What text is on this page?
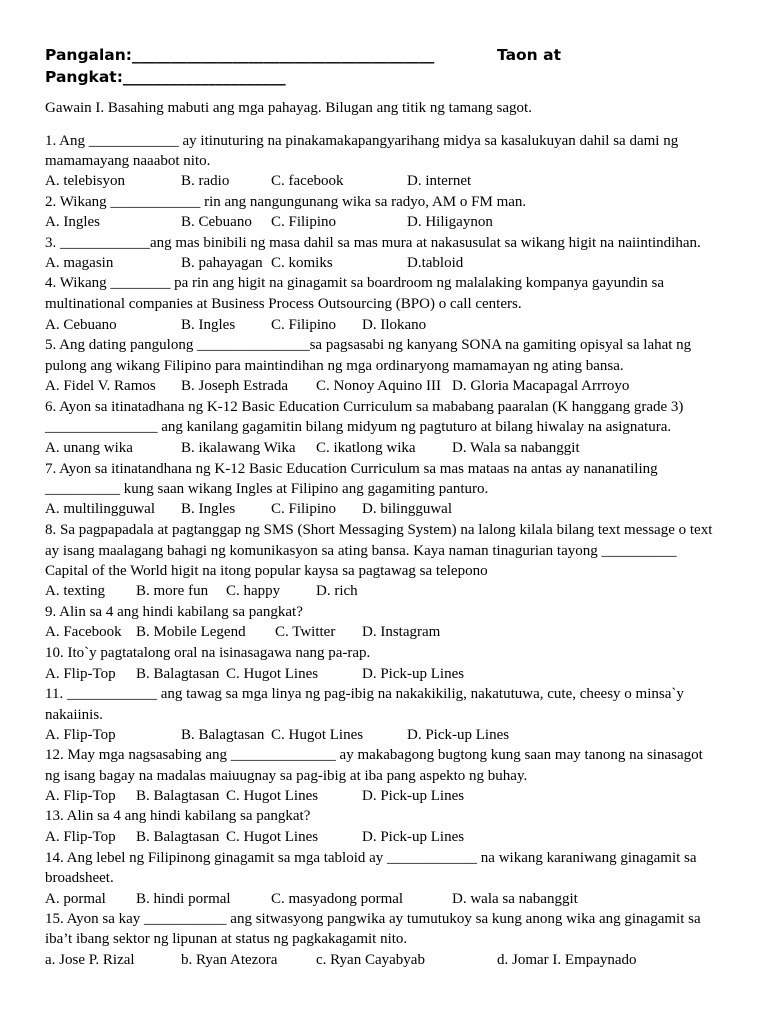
Pangalan:_______________________________________	Taon at
Pangkat:_____________________
Gawain I. Basahing mabuti ang mga pahayag. Bilugan ang titik ng tamang sagot.
1. Ang ____________ ay itinuturing na pinakamakapangyarihang midya sa kasalukuyan dahil sa dami ng
mamamayang naaabot nito.
A. telebisyon	B. radio	C. facebook	D. internet
2. Wikang ____________ rin ang nangungunang wika sa radyo, AM o FM man.
A. Ingles	B. Cebuano C. Filipino	D. Hiligaynon
3. ____________ang mas binibili ng masa dahil sa mas mura at nakasusulat sa wikang higit na naiintindihan.
A. magasin	B. pahayagan C. komiks	D.tabloid
4. Wikang ________ pa rin ang higit na ginagamit sa boardroom ng malalaking kompanya gayundin sa
multinational companies at Business Process Outsourcing (BPO) o call centers.
A. Cebuano	B. Ingles C. Filipino D. Ilokano
5. Ang dating pangulong _______________sa pagsasabi ng kanyang SONA na gamiting opisyal sa lahat ng
pulong ang wikang Filipino para maintindihan ng mga ordinaryong mamamayan ng ating bansa.
A. Fidel V. Ramos B. Joseph Estrada C. Nonoy Aquino III D. Gloria Macapagal Arrroyo
6. Ayon sa itinatadhana ng K-12 Basic Education Curriculum sa mababang paaralan (K hanggang grade 3)
_______________ ang kanilang gagamitin bilang midyum ng pagtuturo at bilang hiwalay na asignatura.
A. unang wika	B. ikalawang Wika C. ikatlong wika D. Wala sa nabanggit
7. Ayon sa itinatandhana ng K-12 Basic Education Curriculum sa mas mataas na antas ay nananatiling
__________ kung saan wikang Ingles at Filipino ang gagamiting panturo.
A. multilingguwal B. Ingles C. Filipino D. bilingguwal
8. Sa pagpapadala at pagtanggap ng SMS (Short Messaging System) na lalong kilala bilang text message o text
ay isang maalagang bahagi ng komunikasyon sa ating bansa. Kaya naman tinagurian tayong __________
Capital of the World higit na itong popular kaysa sa pagtawag sa telepono
A. texting B. more fun C. happy D. rich
9. Alin sa 4 ang hindi kabilang sa pangkat?
A. Facebook B. Mobile Legend C. Twitter D. Instagram
10. Ito`y pagtatalong oral na isinasagawa nang pa-rap.
A. Flip-Top B. Balagtasan C. Hugot Lines	D. Pick-up Lines
11. ____________ ang tawag sa mga linya ng pag-ibig na nakakikilig, nakatutuwa, cute, cheesy o minsa`y
nakaiinis.
A. Flip-Top	B. Balagtasan C. Hugot Lines	D. Pick-up Lines
12. May mga nagsasabing ang ______________ ay makabagong bugtong kung saan may tanong na sinasagot
ng isang bagay na madalas maiuugnay sa pag-ibig at iba pang aspekto ng buhay.
A. Flip-Top B. Balagtasan C. Hugot Lines	D. Pick-up Lines
13. Alin sa 4 ang hindi kabilang sa pangkat?
A. Flip-Top B. Balagtasan C. Hugot Lines	D. Pick-up Lines
14. Ang lebel ng Filipinong ginagamit sa mga tabloid ay ____________ na wikang karaniwang ginagamit sa
broadsheet.
A. pormal B. hindi pormal	C. masyadong pormal	D. wala sa nabanggit
15. Ayon sa kay ___________ ang sitwasyong pangwika ay tumutukoy sa kung anong wika ang ginagamit sa
iba’t ibang sektor ng lipunan at status ng pagkakagamit nito.
a. Jose P. Rizal	b. Ryan Atezora	c. Ryan Cayabyab	d. Jomar I. Empaynado
